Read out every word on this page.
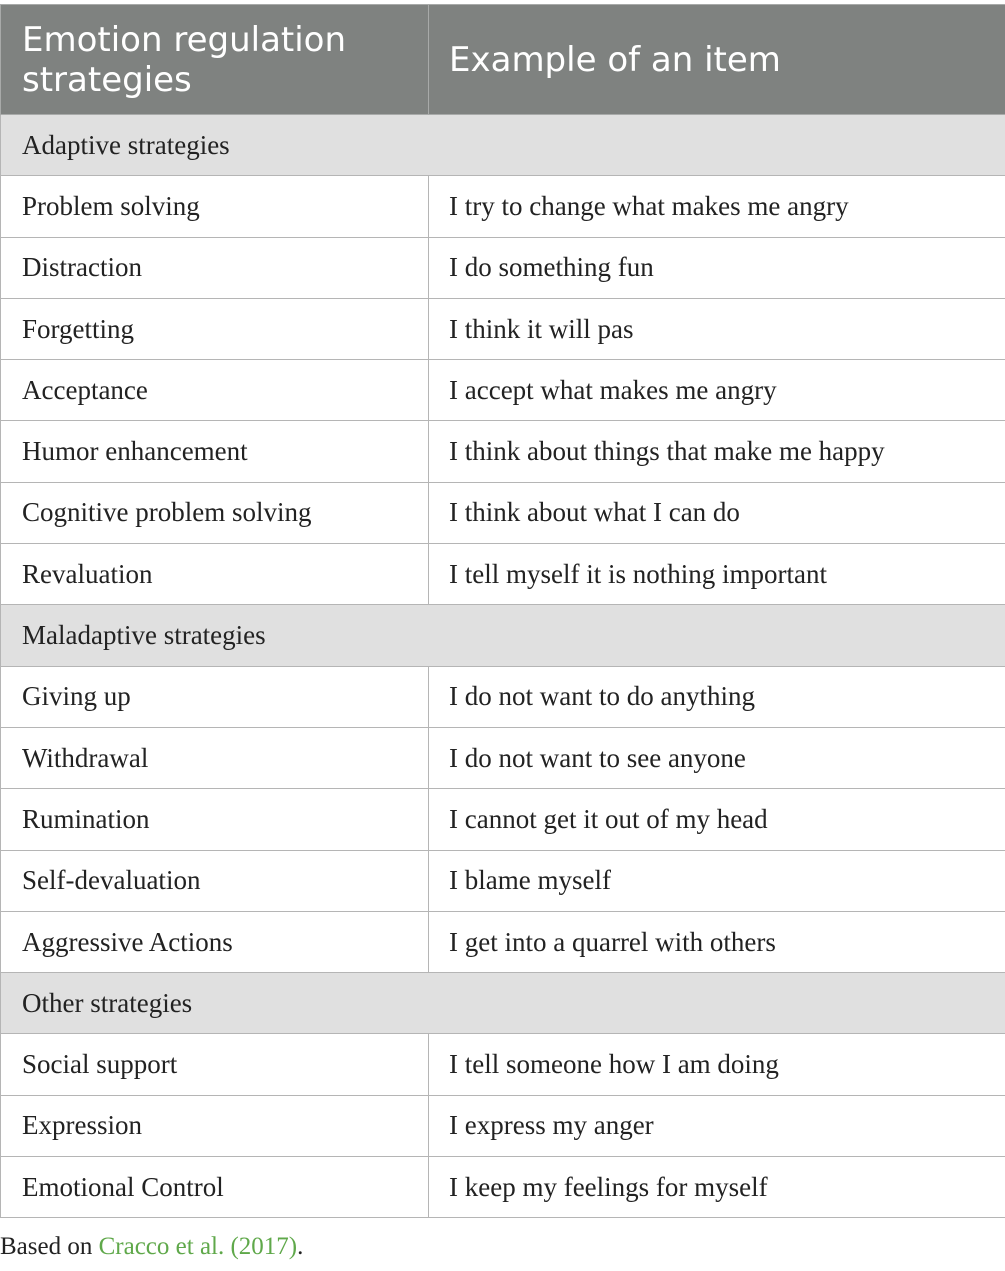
Emotion regulation strategies	Example of an item
Adaptive strategies	
Problem solving	I try to change what makes me angry
Distraction	I do something fun
Forgetting	I think it will pas
Acceptance	I accept what makes me angry
Humor enhancement	I think about things that make me happy
Cognitive problem solving	I think about what I can do
Revaluation	I tell myself it is nothing important
Maladaptive strategies	
Giving up	I do not want to do anything
Withdrawal	I do not want to see anyone
Rumination	I cannot get it out of my head
Self-devaluation	I blame myself
Aggressive Actions	I get into a quarrel with others
Other strategies	
Social support	I tell someone how I am doing
Expression	I express my anger
Emotional Control	I keep my feelings for myself
Based on Cracco et al. (2017).
